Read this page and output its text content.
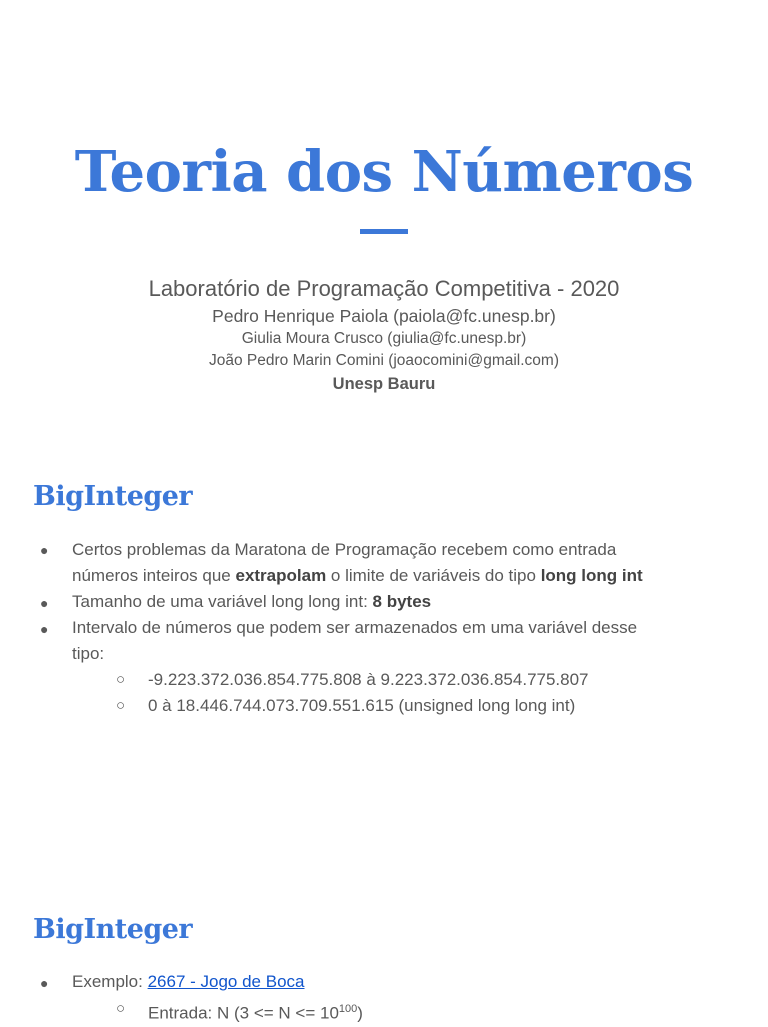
Teoria dos Números
Laboratório de Programação Competitiva - 2020
Pedro Henrique Paiola (paiola@fc.unesp.br)
Giulia Moura Crusco (giulia@fc.unesp.br)
João Pedro Marin Comini (joaocomini@gmail.com)
Unesp Bauru
BigInteger
● Certos problemas da Maratona de Programação recebem como entrada
números inteiros que extrapolam o limite de variáveis do tipo long long int
● Tamanho de uma variável long long int: 8 bytes
● Intervalo de números que podem ser armazenados em uma variável desse
tipo:
○ -9.223.372.036.854.775.808 à 9.223.372.036.854.775.807
○ 0 à 18.446.744.073.709.551.615 (unsigned long long int)
BigInteger
● Exemplo: 2667 - Jogo de Boca
○ Entrada: N $(3 <= N <= 10^{100})$
